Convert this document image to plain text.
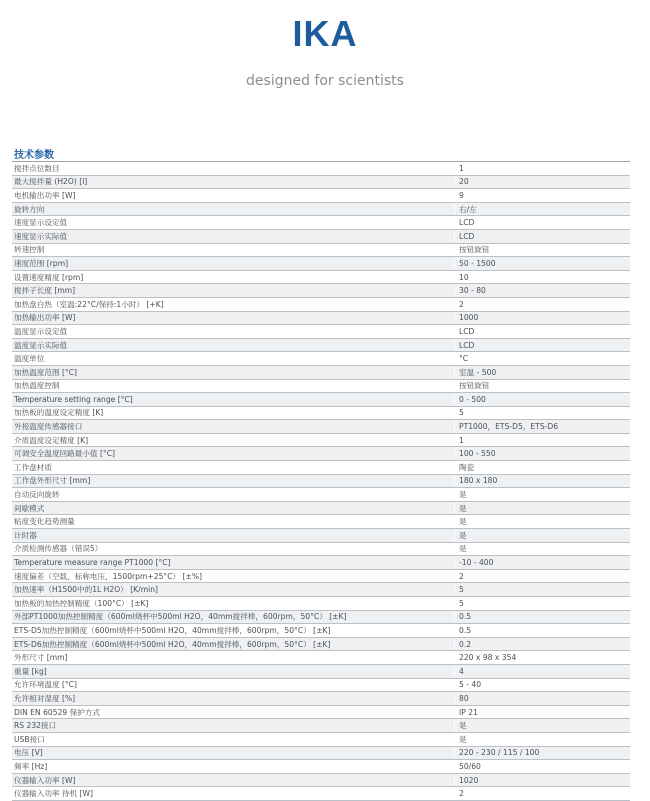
IKA
designed for scientists
技术参数
搅拌点位数目	1
最大搅拌量 (H2O) [l]	20
电机输出功率 [W]	9
旋转方向	右/左
速度显示设定值	LCD
速度显示实际值	LCD
转速控制	按钮旋钮
速度范围 [rpm]	50 - 1500
设置速度精度 [rpm]	10
搅拌子长度 [mm]	30 - 80
加热盘白热（室温:22°C/保持:1小时） [+K]	2
加热输出功率 [W]	1000
温度显示设定值	LCD
温度显示实际值	LCD
温度单位	°C
加热温度范围 [°C]	室温 - 500
加热温度控制	按钮旋钮
Temperature setting range [°C]	0 - 500
加热板的温度设定精度 [K]	5
外接温度传感器接口	PT1000，ETS-D5，ETS-D6
介质温度设定精度 [K]	1
可调安全温度回路最小值 [°C]	100 - 550
工作盘材质	陶瓷
工作盘外形尺寸 [mm]	180 x 180
自动反向旋转	是
间歇模式	是
粘度变化趋势测量	是
计时器	是
介质检测传感器（错误5）	是
Temperature measure range PT1000 [°C]	-10 - 400
速度偏差（空载，标称电压，1500rpm+25°C） [±%]	2
加热速率（H1500中的1L H2O） [K/min]	5
加热板的加热控制精度（100°C） [±K]	5
外部PT1000加热控制精度（600ml烧杯中500ml H2O，40mm搅拌棒，600rpm，50°C） [±K]	0.5
ETS-D5加热控制精度（600ml烧杯中500ml H2O，40mm搅拌棒，600rpm，50°C） [±K]	0.5
ETS-D6加热控制精度（600ml烧杯中500ml H2O，40mm搅拌棒，600rpm，50°C） [±K]	0.2
外形尺寸 [mm]	220 x 98 x 354
重量 [kg]	4
允许环境温度 [°C]	5 - 40
允许相对湿度 [%]	80
DIN EN 60529 保护方式	IP 21
RS 232接口	是
USB接口	是
电压 [V]	220 - 230 / 115 / 100
频率 [Hz]	50/60
仪器输入功率 [W]	1020
仪器输入功率 待机 [W]	2
